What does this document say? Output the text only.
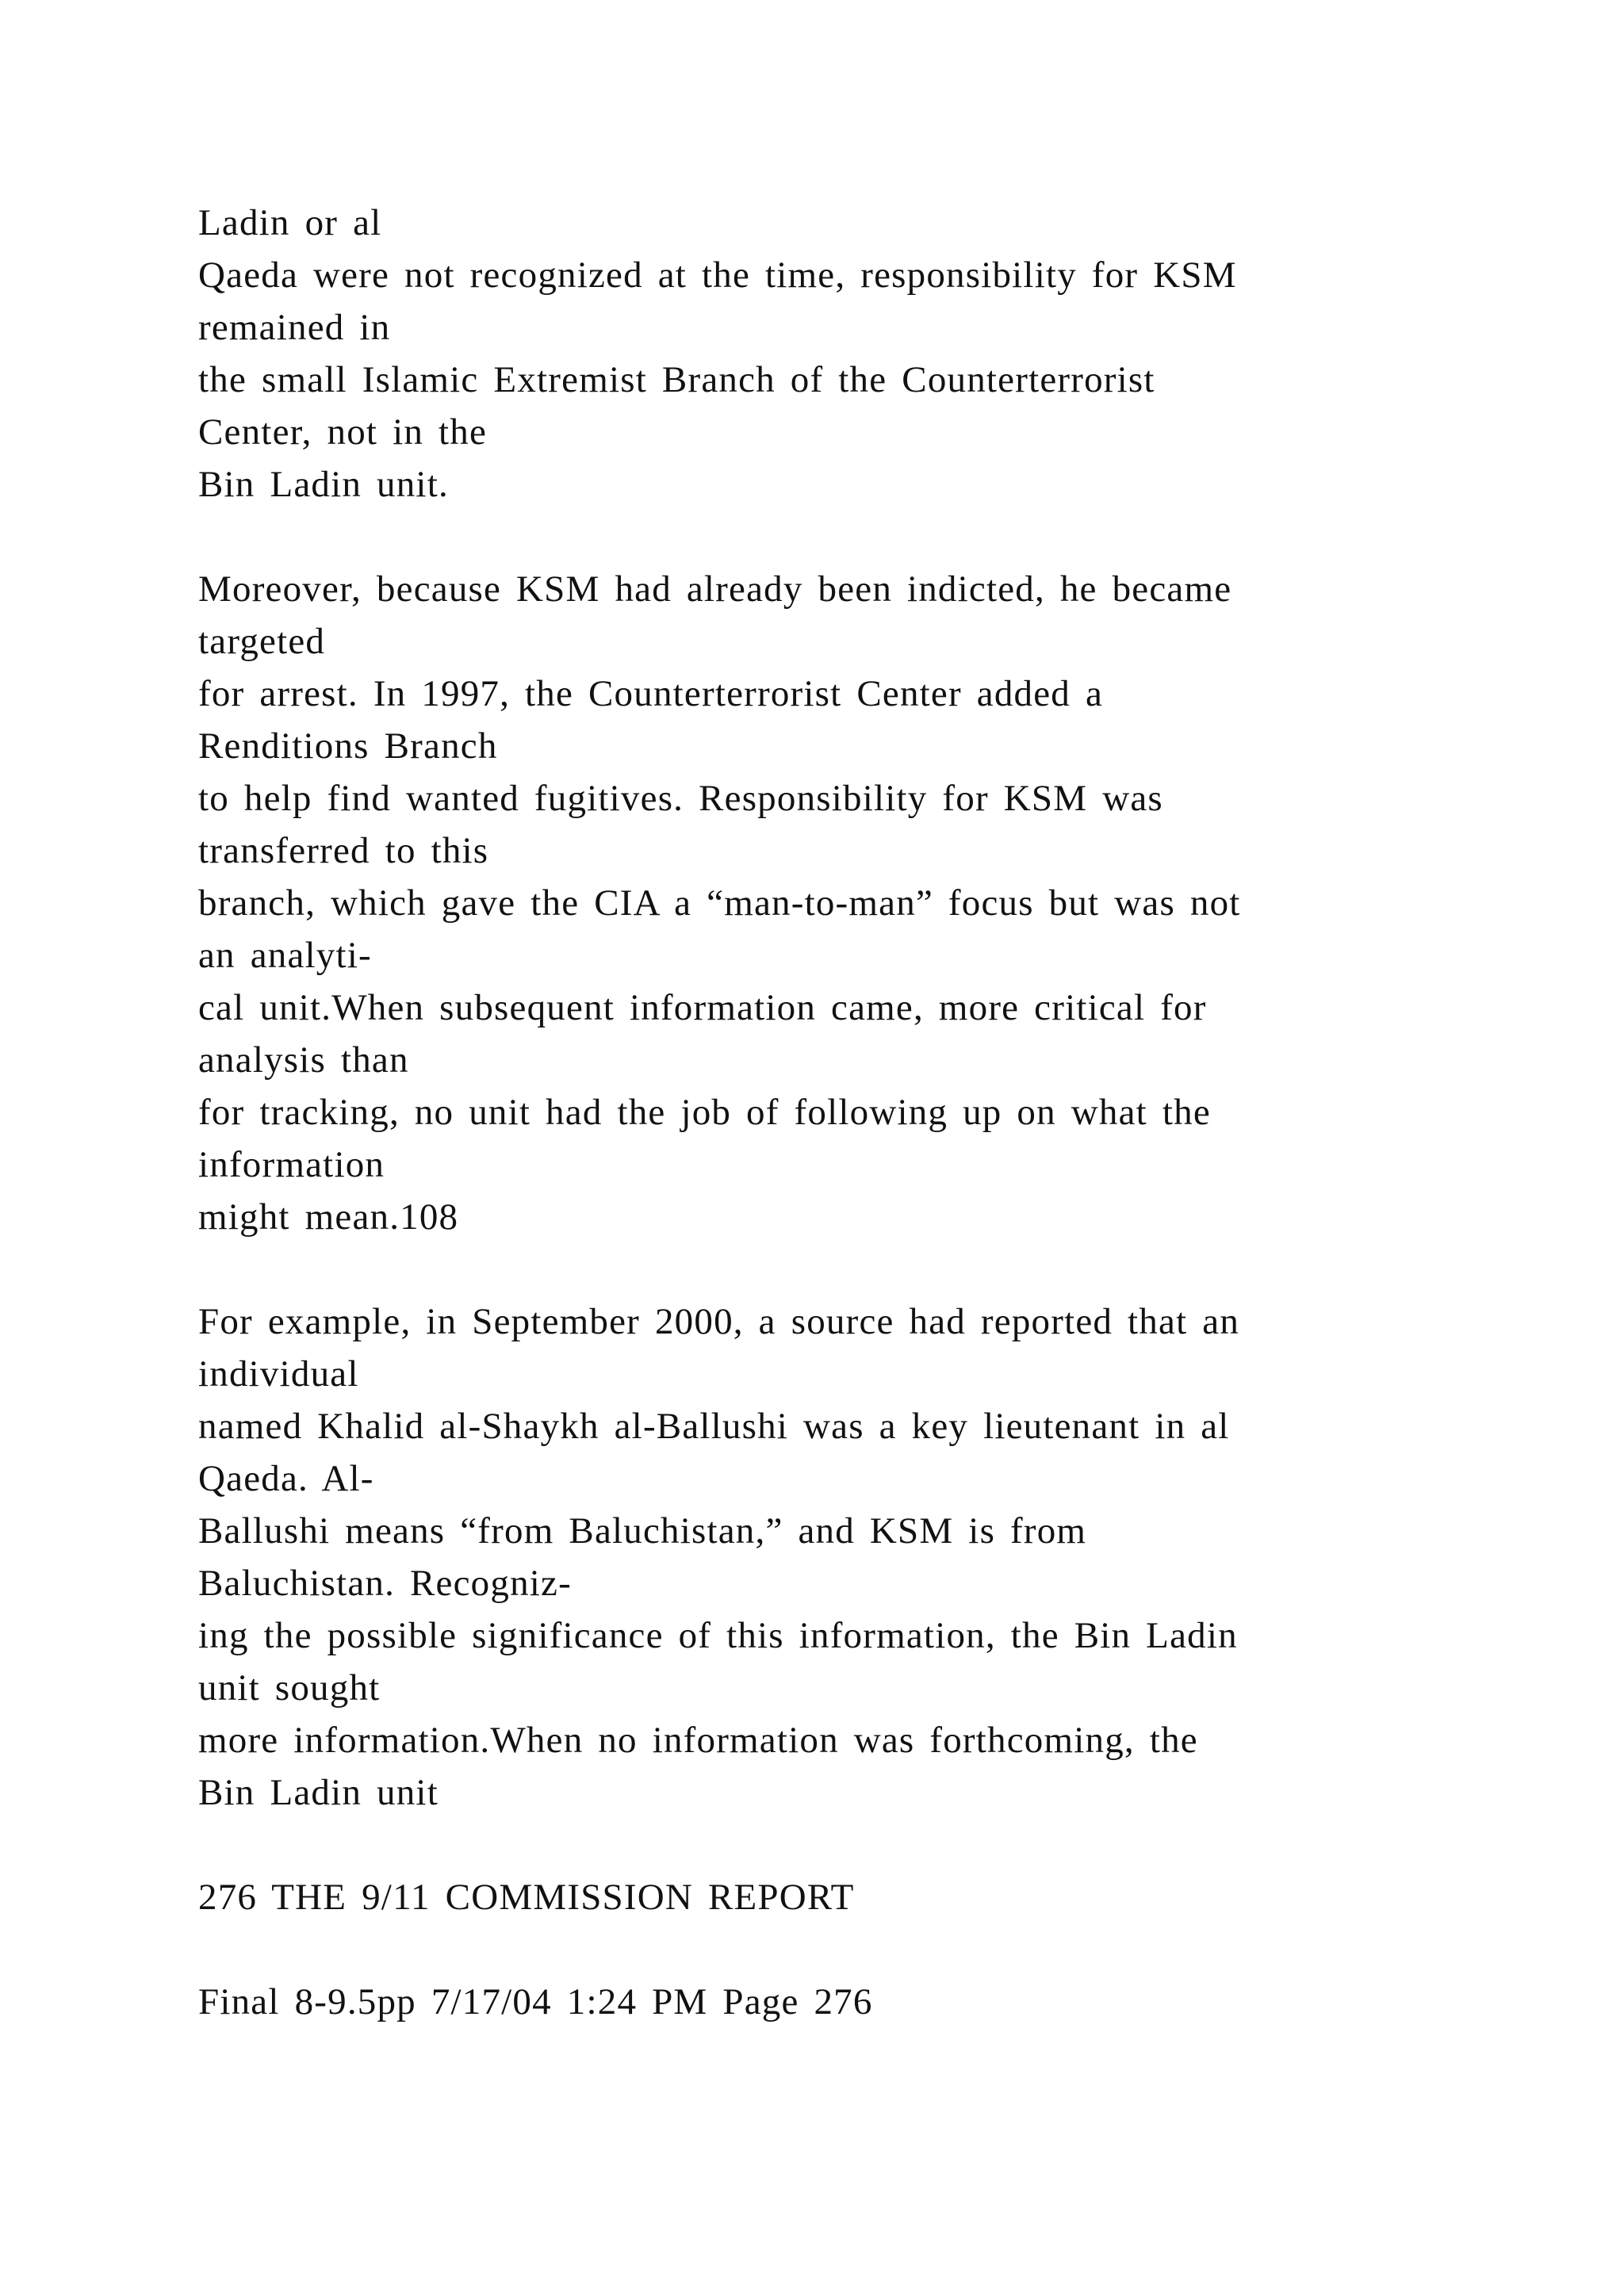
Ladin or al
Qaeda were not recognized at the time, responsibility for KSM
remained in
the small Islamic Extremist Branch of the Counterterrorist
Center, not in the
Bin Ladin unit.
Moreover, because KSM had already been indicted, he became
targeted
for arrest. In 1997, the Counterterrorist Center added a
Renditions Branch
to help find wanted fugitives. Responsibility for KSM was
transferred to this
branch, which gave the CIA a “man-to-man” focus but was not
an analyti-
cal unit.When subsequent information came, more critical for
analysis than
for tracking, no unit had the job of following up on what the
information
might mean.108
For example, in September 2000, a source had reported that an
individual
named Khalid al-Shaykh al-Ballushi was a key lieutenant in al
Qaeda. Al-
Ballushi means “from Baluchistan,” and KSM is from
Baluchistan. Recogniz-
ing the possible significance of this information, the Bin Ladin
unit sought
more information.When no information was forthcoming, the
Bin Ladin unit
276 THE 9/11 COMMISSION REPORT
Final 8-9.5pp 7/17/04 1:24 PM Page 276
